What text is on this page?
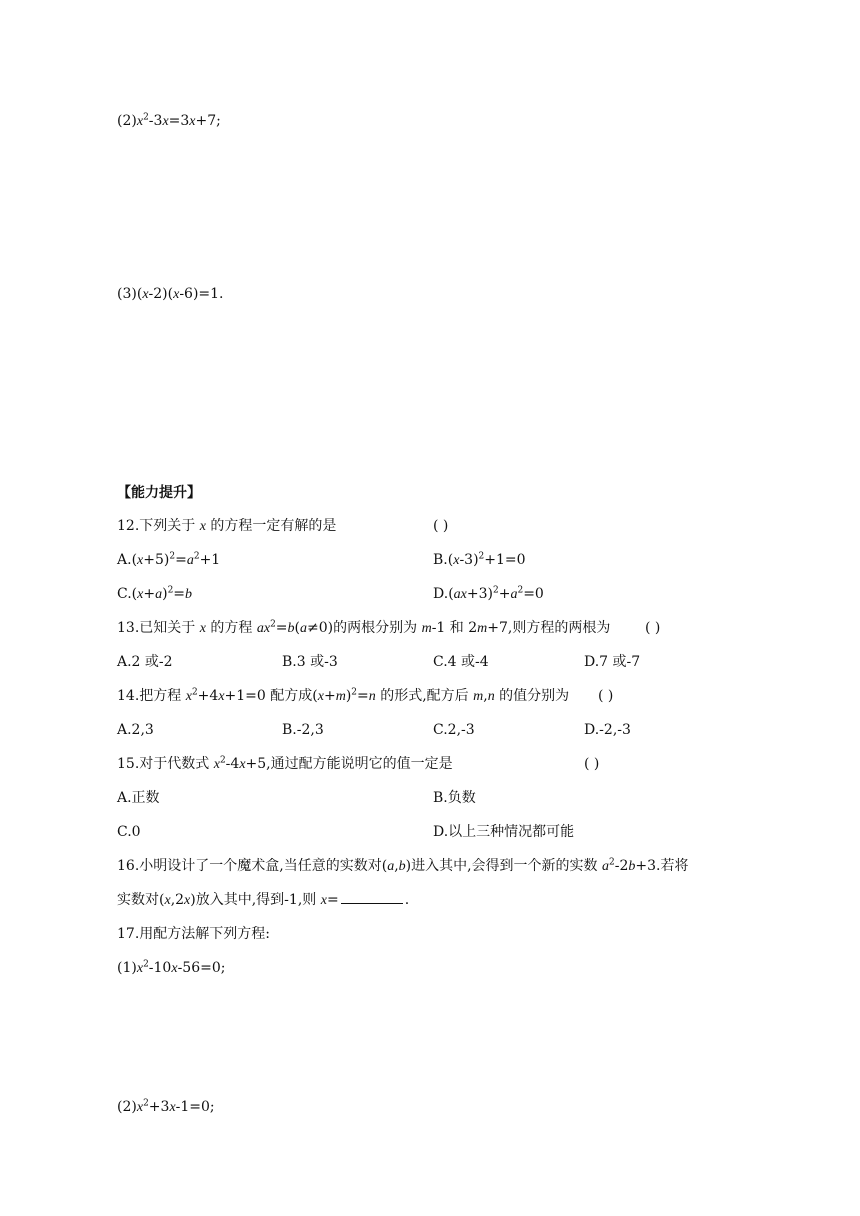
$(2)x^2-3x=3x+7$;
(3)(x-2)(x-6)=1.
【能力提升】
12.下列关于 x 的方程一定有解的是	( )
$A.(x+5)^2=a^2+1$	$B.(x-3)^2+1=0$
$C.(x+a)^2=b$	$D.(ax+3)^2+a^2=0$
13.已知关于 x 的方程 $ax^2=b(a\ne 0)$的两根分别为 m-1 和 2m+7,则方程的两根为 ( )
A.2 或-2	B.3 或-3	C.4 或-4	D.7 或-7
14.把方程 $x^2+4x+1=0$ 配方成$(x+m)^2=n$ 的形式,配方后 m,n 的值分别为 ( )
A.2,3	B.-2,3	C.2,-3	D.-2,-3
15.对于代数式 $x^2-4x+5$,通过配方能说明它的值一定是	( )
A.正数	B.负数
C.0	D.以上三种情况都可能
16.小明设计了一个魔术盒,当任意的实数对(a,b)进入其中,会得到一个新的实数 $a^2-2b+3$.若将
实数对(x,2x)放入其中,得到-1,则 x=	.
17.用配方法解下列方程:
$(1)x^2-10x-56=0$;
$(2)x^2+3x-1=0$;
